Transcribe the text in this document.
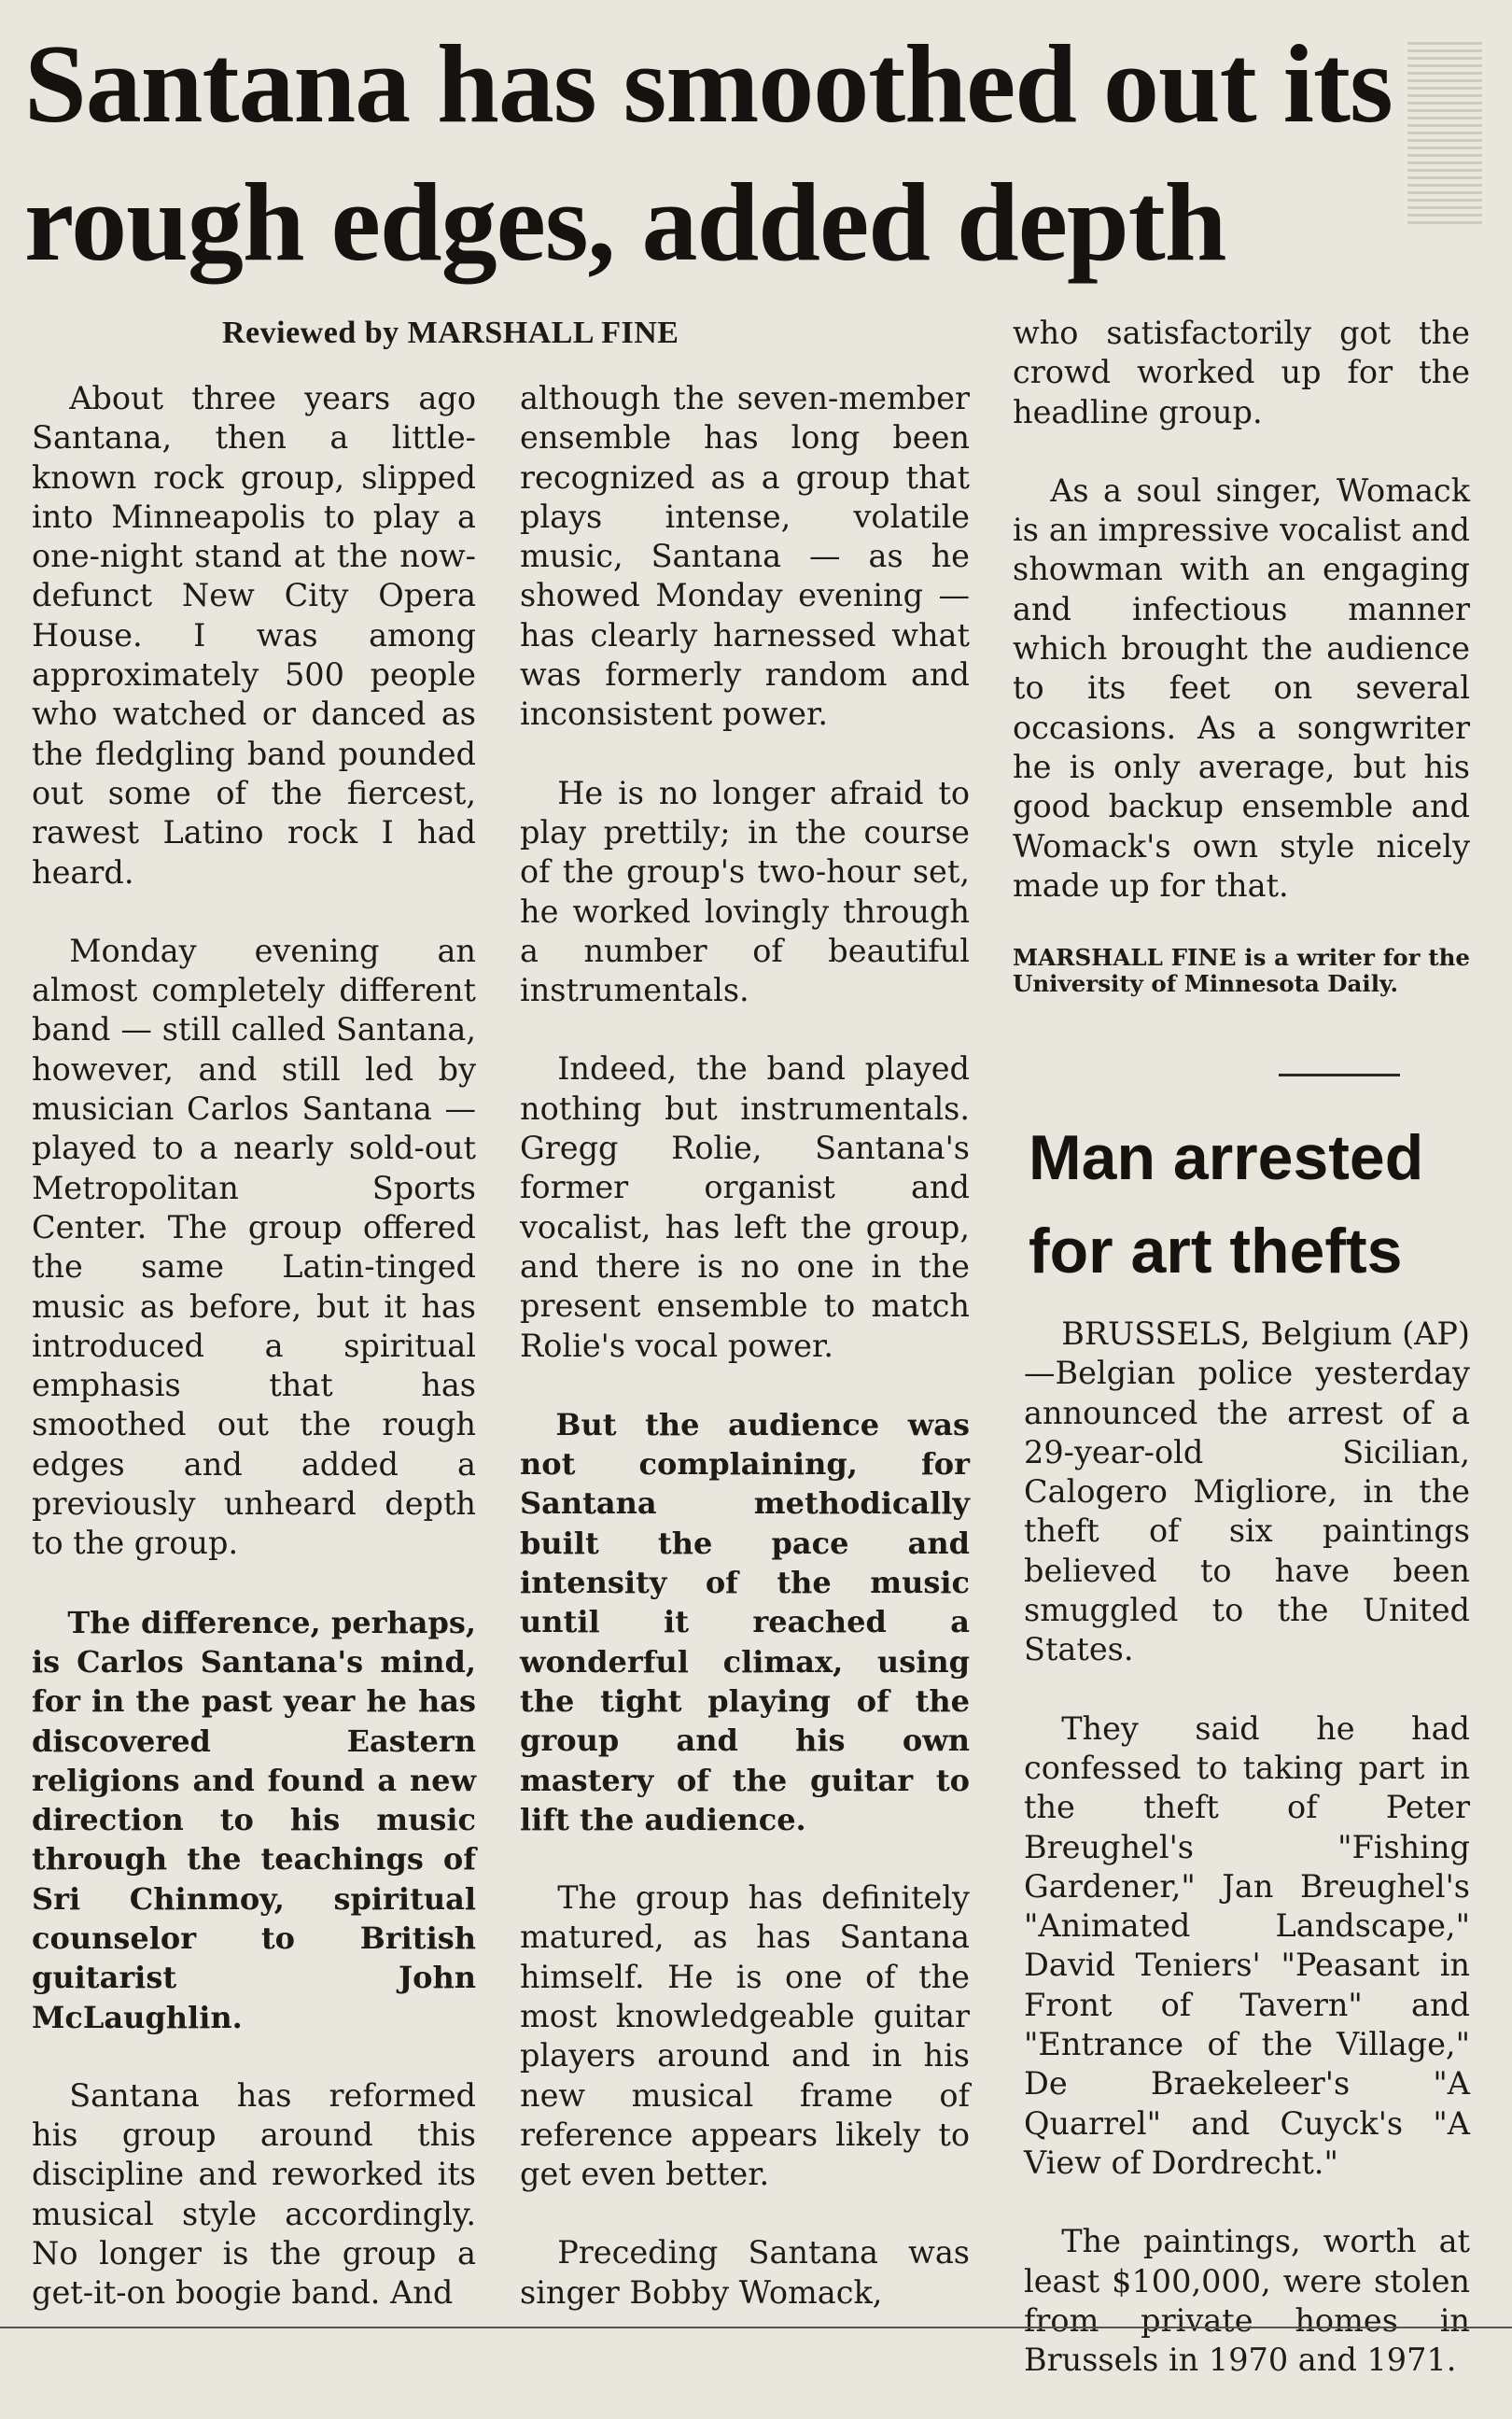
Santana has smoothed out its rough edges, added depth

Reviewed by MARSHALL FINE

About three years ago Santana, then a little-known rock group, slipped into Minneapolis to play a one-night stand at the now-defunct New City Opera House. I was among approximately 500 people who watched or danced as the fledgling band pounded out some of the fiercest, rawest Latino rock I had heard.

Monday evening an almost completely different band — still called Santana, however, and still led by musician Carlos Santana — played to a nearly sold-out Metropolitan Sports Center. The group offered the same Latin-tinged music as before, but it has introduced a spiritual emphasis that has smoothed out the rough edges and added a previously unheard depth to the group.

The difference, perhaps, is Carlos Santana's mind, for in the past year he has discovered Eastern religions and found a new direction to his music through the teachings of Sri Chinmoy, spiritual counselor to British guitarist John McLaughlin.

Santana has reformed his group around this discipline and reworked its musical style accordingly. No longer is the group a get-it-on boogie band. And

although the seven-member ensemble has long been recognized as a group that plays intense, volatile music, Santana — as he showed Monday evening — has clearly harnessed what was formerly random and inconsistent power.

He is no longer afraid to play prettily; in the course of the group's two-hour set, he worked lovingly through a number of beautiful instrumentals.

Indeed, the band played nothing but instrumentals. Gregg Rolie, Santana's former organist and vocalist, has left the group, and there is no one in the present ensemble to match Rolie's vocal power.

But the audience was not complaining, for Santana methodically built the pace and intensity of the music until it reached a wonderful climax, using the tight playing of the group and his own mastery of the guitar to lift the audience.

The group has definitely matured, as has Santana himself. He is one of the most knowledgeable guitar players around and in his new musical frame of reference appears likely to get even better.

Preceding Santana was singer Bobby Womack,

who satisfactorily got the crowd worked up for the headline group.

As a soul singer, Womack is an impressive vocalist and showman with an engaging and infectious manner which brought the audience to its feet on several occasions. As a songwriter he is only average, but his good backup ensemble and Womack's own style nicely made up for that.

MARSHALL FINE is a writer for the University of Minnesota Daily.

Man arrested for art thefts

BRUSSELS, Belgium (AP) —Belgian police yesterday announced the arrest of a 29-year-old Sicilian, Calogero Migliore, in the theft of six paintings believed to have been smuggled to the United States.

They said he had confessed to taking part in the theft of Peter Breughel's "Fishing Gardener," Jan Breughel's "Animated Landscape," David Teniers' "Peasant in Front of Tavern" and "Entrance of the Village," De Braekeleer's "A Quarrel" and Cuyck's "A View of Dordrecht."

The paintings, worth at least $100,000, were stolen from private homes in Brussels in 1970 and 1971.
